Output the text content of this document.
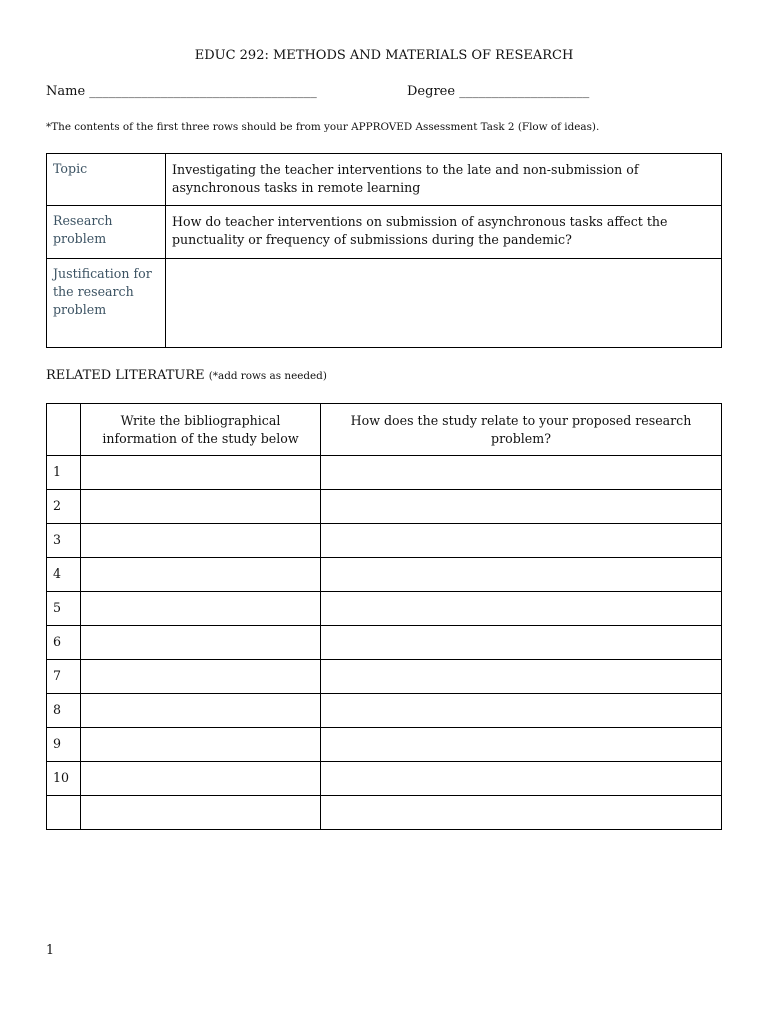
EDUC 292: METHODS AND MATERIALS OF RESEARCH
Name ___________________________________	Degree ____________________
*The contents of the first three rows should be from your APPROVED Assessment Task 2 (Flow of ideas).
Topic	Investigating the teacher interventions to the late and non-submission of asynchronous tasks in remote learning
Research problem	How do teacher interventions on submission of asynchronous tasks affect the punctuality or frequency of submissions during the pandemic?
Justification for the research problem	
RELATED LITERATURE (*add rows as needed)
	Write the bibliographical information of the study below	How does the study relate to your proposed research problem?
1		
2		
3		
4		
5		
6		
7		
8		
9		
10		

1
